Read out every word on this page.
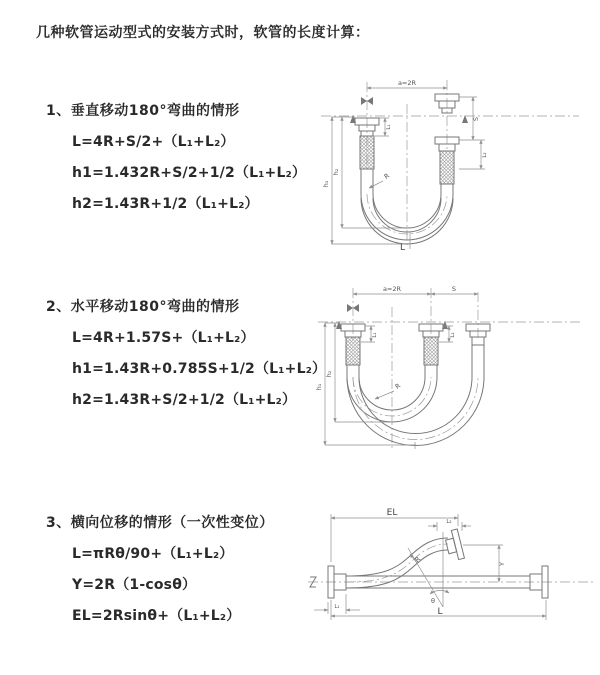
几种软管运动型式的安装方式时，软管的长度计算：
1、垂直移动180°弯曲的情形
L=4R+S/2+（L₁+L₂）
h1=1.432R+S/2+1/2（L₁+L₂）
h2=1.43R+1/2（L₁+L₂）
a=2R
h₁
h₂
L₁
S
L₂
R
L
2、水平移动180°弯曲的情形
L=4R+1.57S+（L₁+L₂）
h1=1.43R+0.785S+1/2（L₁+L₂）
h2=1.43R+S/2+1/2（L₁+L₂）
a=2R	S
h₁
h₂
L₁	L₂
R
3、横向位移的情形（一次性变位）
L=πRθ/90+（L₁+L₂）
Y=2R（1-cosθ）
EL=2Rsinθ+（L₁+L₂）
θ
EL
L₂
Y
R
L₁	L
